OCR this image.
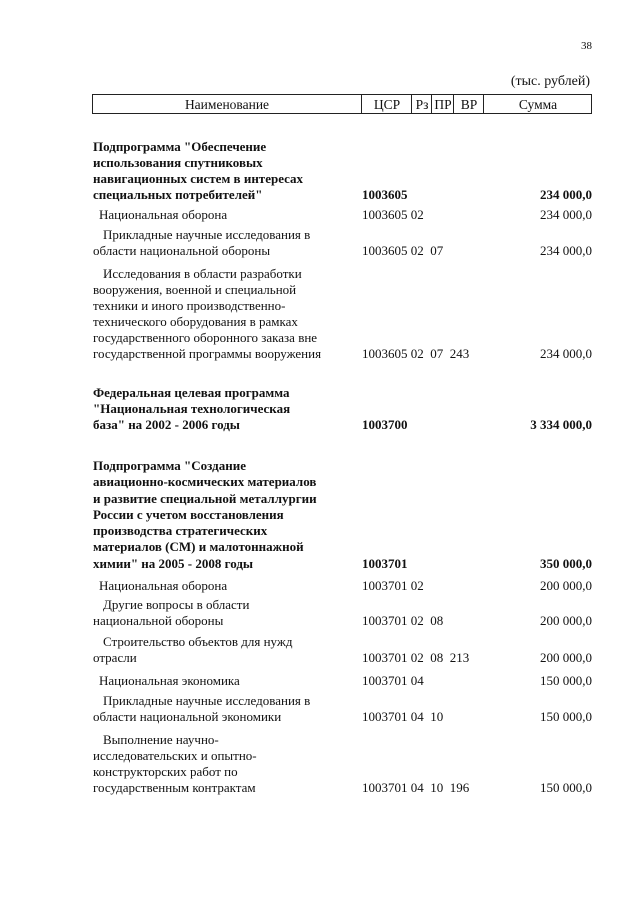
38
(тыс. рублей)
Наименование	ЦСР	Рз ПР ВР	Сумма
Подпрограмма "Обеспечение
использования спутниковых
навигационных систем в интересах
специальных потребителей"	1003605	234 000,0
Национальная оборона	1003605 02	234 000,0
Прикладные научные исследования в
области национальной обороны	1003605 02  07	234 000,0
Исследования в области разработки
вооружения, военной и специальной
техники и иного производственно-
технического оборудования в рамках
государственного оборонного заказа вне
государственной программы вооружения	1003605 02  07  243	234 000,0
Федеральная целевая программа
"Национальная технологическая
база" на 2002 - 2006 годы	1003700	3 334 000,0
Подпрограмма "Создание
авиационно-космических материалов
и развитие специальной металлургии
России с учетом восстановления
производства стратегических
материалов (СМ) и малотоннажной
химии" на 2005 - 2008 годы	1003701	350 000,0
Национальная оборона	1003701 02	200 000,0
Другие вопросы в области
национальной обороны	1003701 02  08	200 000,0
Строительство объектов для нужд
отрасли	1003701 02  08  213	200 000,0
Национальная экономика	1003701 04	150 000,0
Прикладные научные исследования в
области национальной экономики	1003701 04  10	150 000,0
Выполнение научно-
исследовательских и опытно-
конструкторских работ по
государственным контрактам	1003701 04  10  196	150 000,0
